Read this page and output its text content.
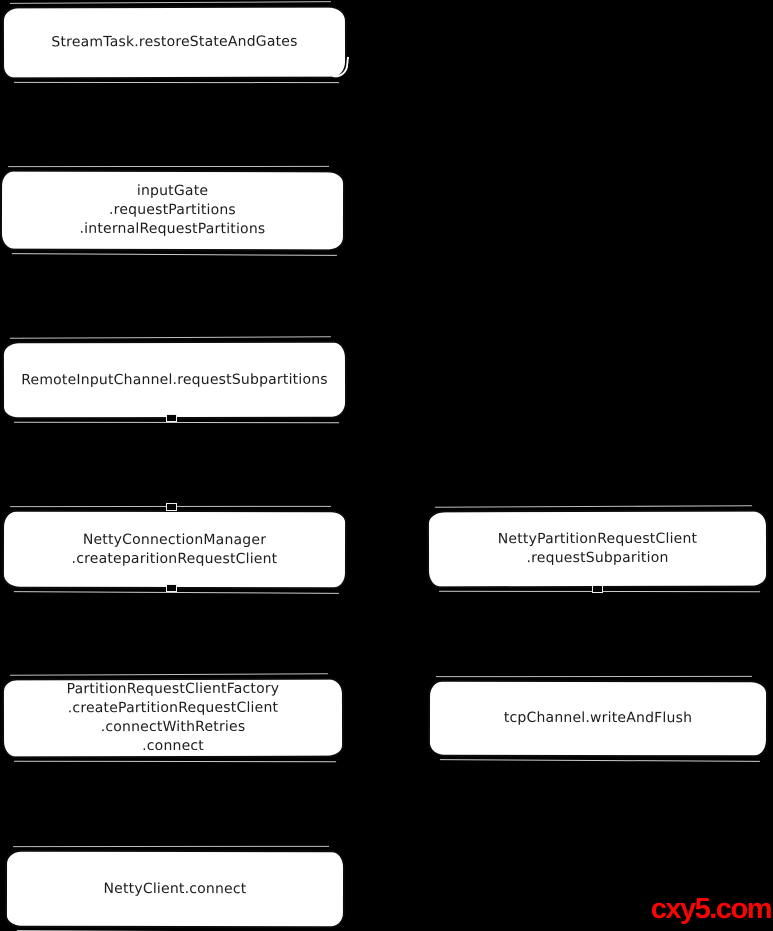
StreamTask.restoreStateAndGates
inputGate
.requestPartitions
.internalRequestPartitions
RemoteInputChannel.requestSubpartitions
NettyConnectionManager
.createparitionRequestClient
PartitionRequestClientFactory
.createPartitionRequestClient
.connectWithRetries
.connect
NettyClient.connect
NettyPartitionRequestClient
.requestSubparition
tcpChannel.writeAndFlush
cxy5.com
